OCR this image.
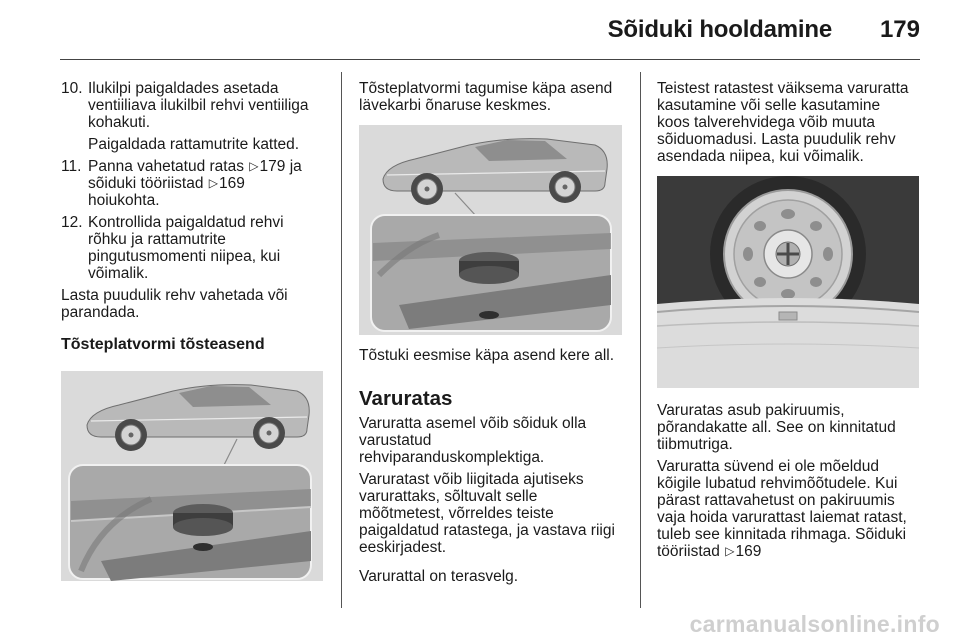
Sõiduki hooldamine 179
10. Ilukilpi paigaldades asetada
ventiiliava ilukilbil rehvi ventiiliga
kohakuti.
Paigaldada rattamutrite katted.
11. Panna vahetatud ratas ▷179 ja
sõiduki tööriistad ▷169
hoiukohta.
12. Kontrollida paigaldatud rehvi
rõhku ja rattamutrite
pingutusmomenti niipea, kui
võimalik.
Lasta puudulik rehv vahetada või
parandada.
Tõsteplatvormi tõsteasend
Tõsteplatvormi tagumise käpa asend
lävekarbi õnaruse keskmes.
Tõstuki eesmise käpa asend kere all.
Varuratas
Varuratta asemel võib sõiduk olla
varustatud
rehviparanduskomplektiga.
Varuratast võib liigitada ajutiseks
varurattaks, sõltuvalt selle
mõõtmetest, võrreldes teiste
paigaldatud ratastega, ja vastava riigi
eeskirjadest.
Varurattal on terasvelg.
Teistest ratastest väiksema varuratta
kasutamine või selle kasutamine
koos talverehvidega võib muuta
sõiduomadusi. Lasta puudulik rehv
asendada niipea, kui võimalik.
Varuratas asub pakiruumis,
põrandakatte all. See on kinnitatud
tiibmutriga.
Varuratta süvend ei ole mõeldud
kõigile lubatud rehvimõõtudele. Kui
pärast rattavahetust on pakiruumis
vaja hoida varurattast laiemat ratast,
tuleb see kinnitada rihmaga. Sõiduki
tööriistad ▷169
carmanualsonline.info
